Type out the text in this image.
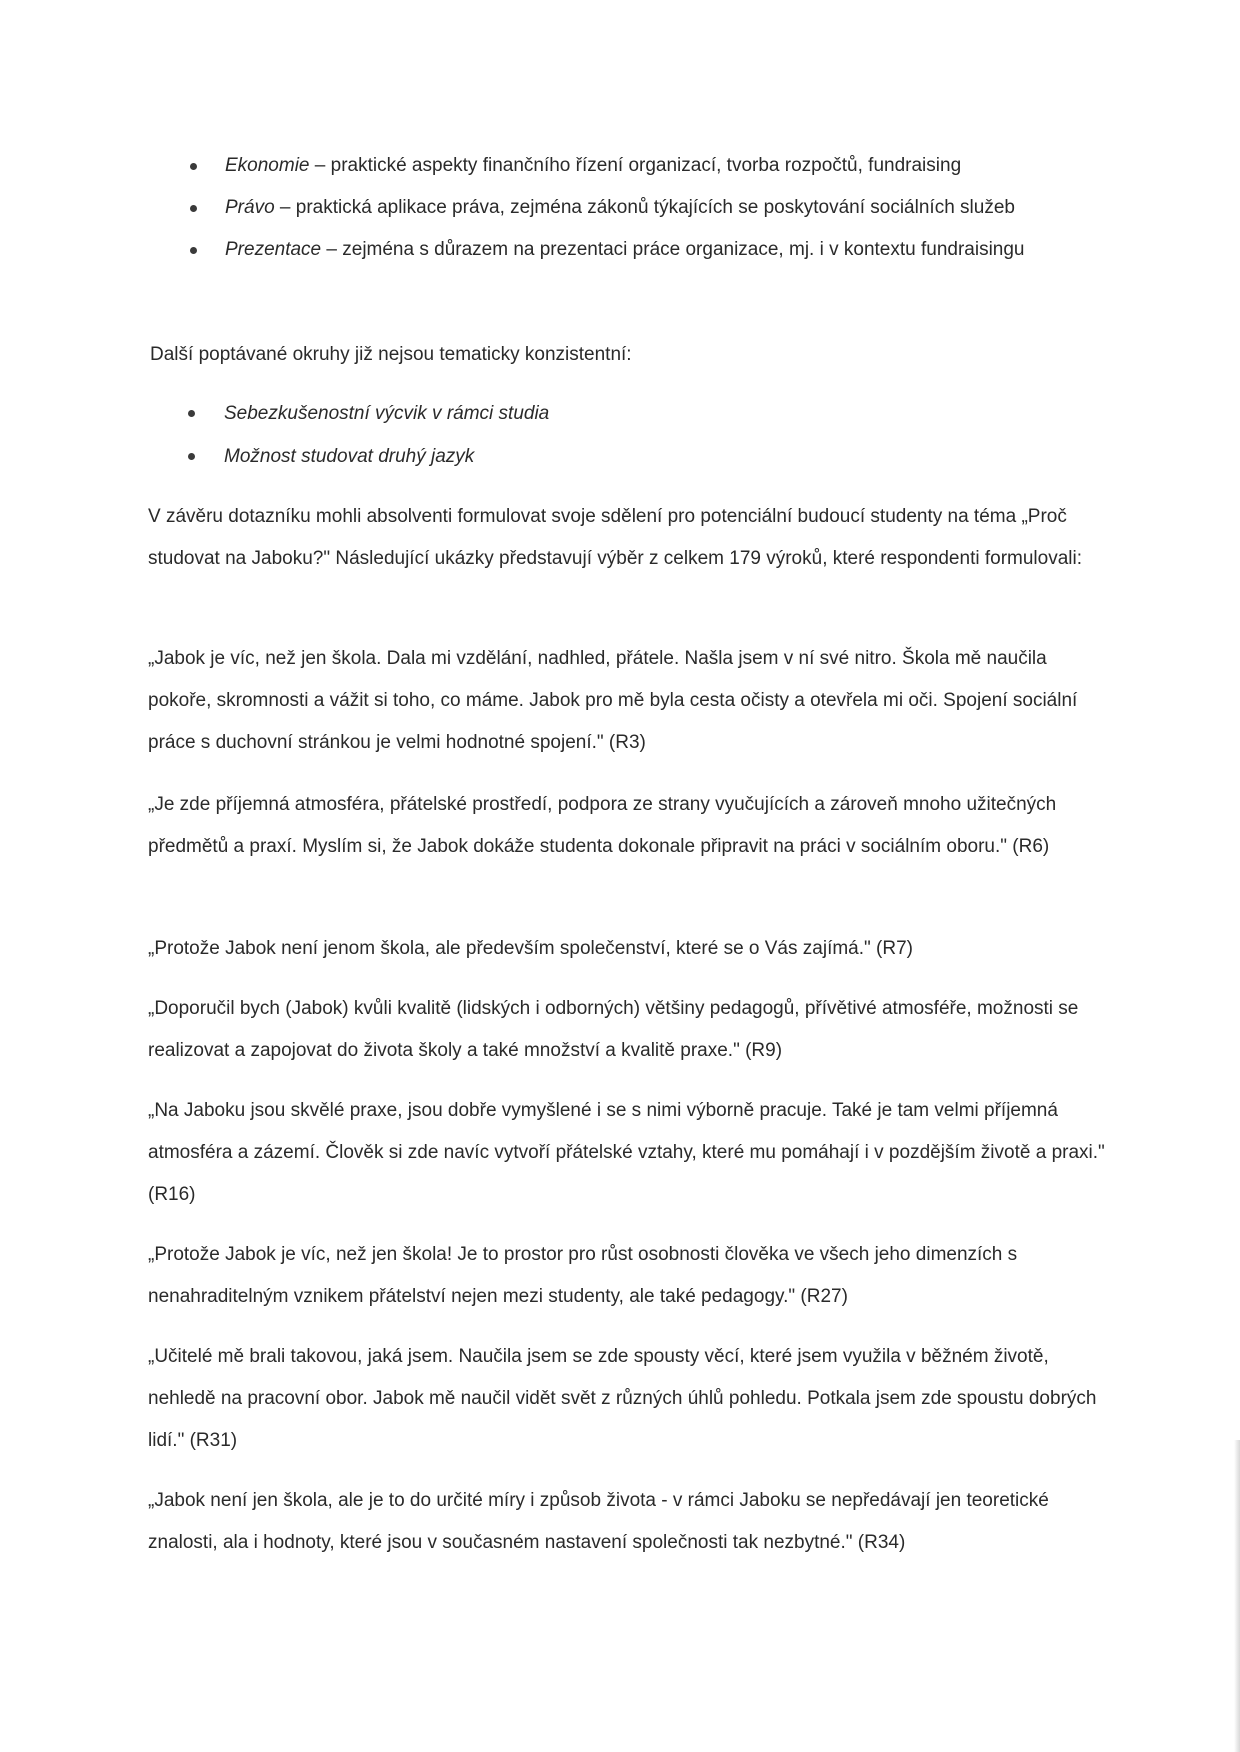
Ekonomie – praktické aspekty finančního řízení organizací, tvorba rozpočtů, fundraising
Právo – praktická aplikace práva, zejména zákonů týkajících se poskytování sociálních služeb
Prezentace – zejména s důrazem na prezentaci práce organizace, mj. i v kontextu fundraisingu
Další poptávané okruhy již nejsou tematicky konzistentní:
Sebezkušenostní výcvik v rámci studia
Možnost studovat druhý jazyk

V závěru dotazníku mohli absolventi formulovat svoje sdělení pro potenciální budoucí studenty na téma „Proč studovat na Jaboku?" Následující ukázky představují výběr z celkem 179 výroků, které respondenti formulovali:

„Jabok je víc, než jen škola. Dala mi vzdělání, nadhled, přátele. Našla jsem v ní své nitro. Škola mě naučila pokoře, skromnosti a vážit si toho, co máme. Jabok pro mě byla cesta očisty a otevřela mi oči. Spojení sociální práce s duchovní stránkou je velmi hodnotné spojení." (R3)

„Je zde příjemná atmosféra, přátelské prostředí, podpora ze strany vyučujících a zároveň mnoho užitečných předmětů a praxí. Myslím si, že Jabok dokáže studenta dokonale připravit na práci v sociálním oboru." (R6)

„Protože Jabok není jenom škola, ale především společenství, které se o Vás zajímá." (R7)

„Doporučil bych (Jabok) kvůli kvalitě (lidských i odborných) většiny pedagogů, přívětivé atmosféře, možnosti se realizovat a zapojovat do života školy a také množství a kvalitě praxe." (R9)

„Na Jaboku jsou skvělé praxe, jsou dobře vymyšlené i se s nimi výborně pracuje. Také je tam velmi příjemná atmosféra a zázemí. Člověk si zde navíc vytvoří přátelské vztahy, které mu pomáhají i v pozdějším životě a praxi." (R16)

„Protože Jabok je víc, než jen škola! Je to prostor pro růst osobnosti člověka ve všech jeho dimenzích s nenahraditelným vznikem přátelství nejen mezi studenty, ale také pedagogy." (R27)

„Učitelé mě brali takovou, jaká jsem. Naučila jsem se zde spousty věcí, které jsem využila v běžném životě, nehledě na pracovní obor. Jabok mě naučil vidět svět z různých úhlů pohledu. Potkala jsem zde spoustu dobrých lidí." (R31)

„Jabok není jen škola, ale je to do určité míry i způsob života - v rámci Jaboku se nepředávají jen teoretické znalosti, ala i hodnoty, které jsou v současném nastavení společnosti tak nezbytné." (R34)
